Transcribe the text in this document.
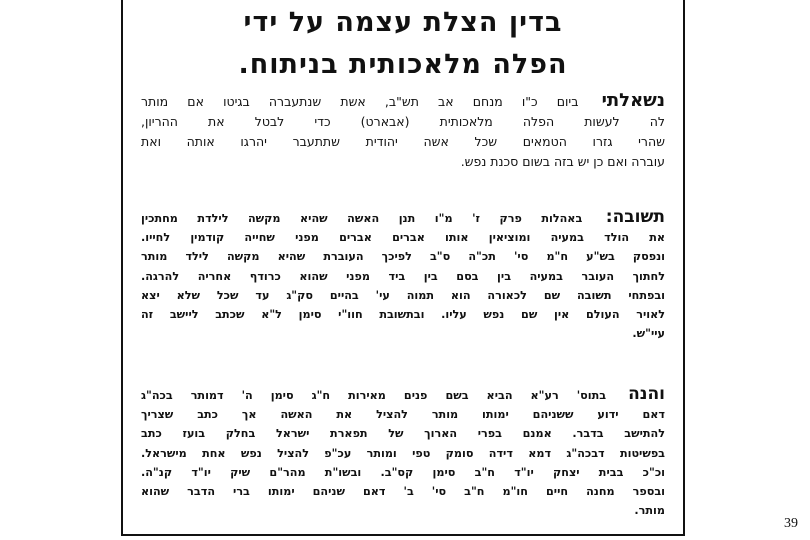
בדין הצלת עצמה על ידי
הפלה מלאכותית בניתוח.
נשאלתי ביום כ"ו מנחם אב תש"ב, אשת שנתעברה בגיטו אם מותר
לה לעשות הפלה מלאכותית (אבארט) כדי לבטל את ההריון,
שהרי גזרו הטמאים שכל אשה יהודית שתתעבר יהרגו אותה ואת
עוברה ואם כן יש בזה בשום סכנת נפש.
תשובה: באהלות פרק ז' מ"ו תנן האשה שהיא מקשה לילדת מחתכין
את הולד במעיה ומוציאין אותו אברים אברים מפני שחייה קודמין לחייו.
ונפסק בש"ע ח"מ סי' תכ"ה ס"ב לפיכך העוברת שהיא מקשה לילד מותר
לחתוך העובר במעיה בין בסם בין ביד מפני שהוא כרודף אחריה להרגה.
ובפתחי תשובה שם לכאורה הוא תמוה עי' בהיים סק"ג עד שכל שלא יצא
לאויר העולם אין שם נפש עליו. ובתשובת חוו"י סימן ל"א שכתב ליישב זה
עיי"ש.
והנה בתוס' רע"א הביא בשם פנים מאירות ח"ג סימן ה' דמותר בכה"ג
דאם ידוע ששניהם ימותו מותר להציל את האשה אך כתב שצריך
להתישב בדבר. אמנם בפרי הארוך של תפארת ישראל בחלק בועז כתב
בפשיטות דבכה"ג דמא דידה סומק טפי ומותר עכ"פ להציל נפש אחת מישראל.
וכ"כ בבית יצחק יו"ד ח"ב סימן קס"ב. ובשו"ת מהר"ם שיק יו"ד קנ"ה.
ובספר מחנה חיים חו"מ ח"ב סי' ב' דאם שניהם ימותו ברי הדבר שהוא
מותר.
39
